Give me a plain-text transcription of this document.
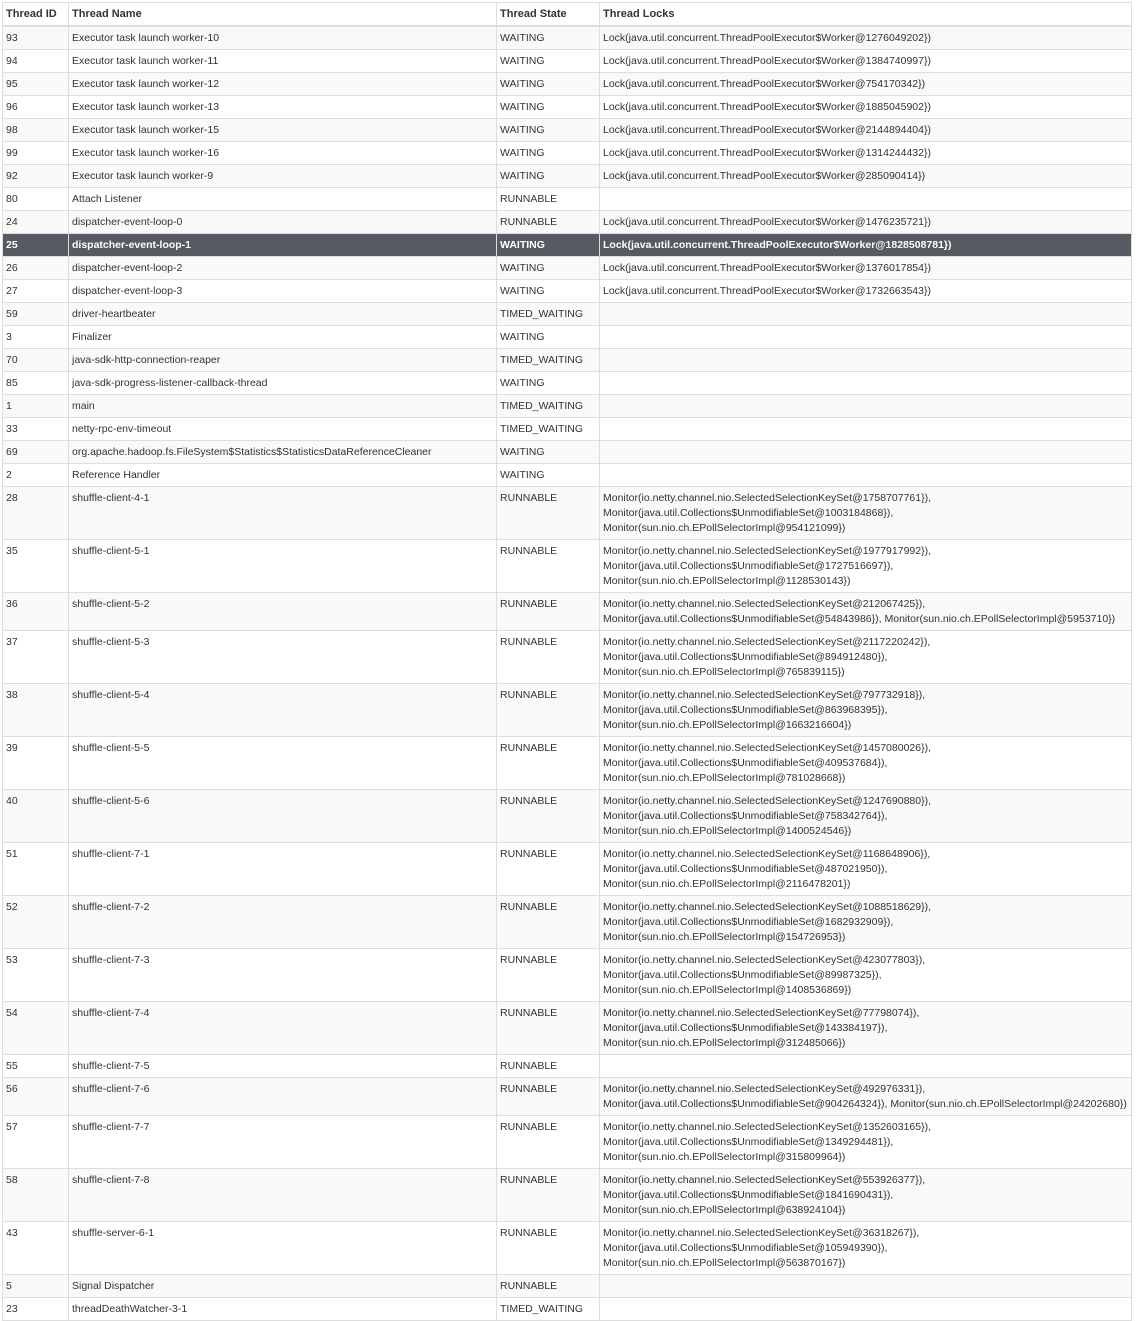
Thread ID	Thread Name	Thread State	Thread Locks
93	Executor task launch worker-10	WAITING	Lock(java.util.concurrent.ThreadPoolExecutor$Worker@1276049202})

94	Executor task launch worker-11	WAITING	Lock(java.util.concurrent.ThreadPoolExecutor$Worker@1384740997})

95	Executor task launch worker-12	WAITING	Lock(java.util.concurrent.ThreadPoolExecutor$Worker@754170342})

96	Executor task launch worker-13	WAITING	Lock(java.util.concurrent.ThreadPoolExecutor$Worker@1885045902})

98	Executor task launch worker-15	WAITING	Lock(java.util.concurrent.ThreadPoolExecutor$Worker@2144894404})

99	Executor task launch worker-16	WAITING	Lock(java.util.concurrent.ThreadPoolExecutor$Worker@1314244432})

92	Executor task launch worker-9	WAITING	Lock(java.util.concurrent.ThreadPoolExecutor$Worker@285090414})

80	Attach Listener	RUNNABLE	
24	dispatcher-event-loop-0	RUNNABLE	Lock(java.util.concurrent.ThreadPoolExecutor$Worker@1476235721})

25	dispatcher-event-loop-1	WAITING	Lock(java.util.concurrent.ThreadPoolExecutor$Worker@1828508781})

26	dispatcher-event-loop-2	WAITING	Lock(java.util.concurrent.ThreadPoolExecutor$Worker@1376017854})

27	dispatcher-event-loop-3	WAITING	Lock(java.util.concurrent.ThreadPoolExecutor$Worker@1732663543})

59	driver-heartbeater	TIMED_WAITING	
3	Finalizer	WAITING	
70	java-sdk-http-connection-reaper	TIMED_WAITING	
85	java-sdk-progress-listener-callback-thread	WAITING	
1	main	TIMED_WAITING	
33	netty-rpc-env-timeout	TIMED_WAITING	
69	org.apache.hadoop.fs.FileSystem$Statistics$StatisticsDataReferenceCleaner	WAITING	
2	Reference Handler	WAITING	
28	shuffle-client-4-1	RUNNABLE	Monitor(io.netty.channel.nio.SelectedSelectionKeySet@1758707761}),
Monitor(java.util.Collections$UnmodifiableSet@1003184868}),
Monitor(sun.nio.ch.EPollSelectorImpl@954121099})

35	shuffle-client-5-1	RUNNABLE	Monitor(io.netty.channel.nio.SelectedSelectionKeySet@1977917992}),
Monitor(java.util.Collections$UnmodifiableSet@1727516697}),
Monitor(sun.nio.ch.EPollSelectorImpl@1128530143})

36	shuffle-client-5-2	RUNNABLE	Monitor(io.netty.channel.nio.SelectedSelectionKeySet@212067425}),
Monitor(java.util.Collections$UnmodifiableSet@54843986}), Monitor(sun.nio.ch.EPollSelectorImpl@5953710})

37	shuffle-client-5-3	RUNNABLE	Monitor(io.netty.channel.nio.SelectedSelectionKeySet@2117220242}),
Monitor(java.util.Collections$UnmodifiableSet@894912480}),
Monitor(sun.nio.ch.EPollSelectorImpl@765839115})

38	shuffle-client-5-4	RUNNABLE	Monitor(io.netty.channel.nio.SelectedSelectionKeySet@797732918}),
Monitor(java.util.Collections$UnmodifiableSet@863968395}),
Monitor(sun.nio.ch.EPollSelectorImpl@1663216604})

39	shuffle-client-5-5	RUNNABLE	Monitor(io.netty.channel.nio.SelectedSelectionKeySet@1457080026}),
Monitor(java.util.Collections$UnmodifiableSet@409537684}),
Monitor(sun.nio.ch.EPollSelectorImpl@781028668})

40	shuffle-client-5-6	RUNNABLE	Monitor(io.netty.channel.nio.SelectedSelectionKeySet@1247690880}),
Monitor(java.util.Collections$UnmodifiableSet@758342764}),
Monitor(sun.nio.ch.EPollSelectorImpl@1400524546})

51	shuffle-client-7-1	RUNNABLE	Monitor(io.netty.channel.nio.SelectedSelectionKeySet@1168648906}),
Monitor(java.util.Collections$UnmodifiableSet@487021950}),
Monitor(sun.nio.ch.EPollSelectorImpl@2116478201})

52	shuffle-client-7-2	RUNNABLE	Monitor(io.netty.channel.nio.SelectedSelectionKeySet@1088518629}),
Monitor(java.util.Collections$UnmodifiableSet@1682932909}),
Monitor(sun.nio.ch.EPollSelectorImpl@154726953})

53	shuffle-client-7-3	RUNNABLE	Monitor(io.netty.channel.nio.SelectedSelectionKeySet@423077803}),
Monitor(java.util.Collections$UnmodifiableSet@89987325}),
Monitor(sun.nio.ch.EPollSelectorImpl@1408536869})

54	shuffle-client-7-4	RUNNABLE	Monitor(io.netty.channel.nio.SelectedSelectionKeySet@77798074}),
Monitor(java.util.Collections$UnmodifiableSet@143384197}),
Monitor(sun.nio.ch.EPollSelectorImpl@312485066})

55	shuffle-client-7-5	RUNNABLE	
56	shuffle-client-7-6	RUNNABLE	Monitor(io.netty.channel.nio.SelectedSelectionKeySet@492976331}),
Monitor(java.util.Collections$UnmodifiableSet@904264324}), Monitor(sun.nio.ch.EPollSelectorImpl@24202680})

57	shuffle-client-7-7	RUNNABLE	Monitor(io.netty.channel.nio.SelectedSelectionKeySet@1352603165}),
Monitor(java.util.Collections$UnmodifiableSet@1349294481}),
Monitor(sun.nio.ch.EPollSelectorImpl@315809964})

58	shuffle-client-7-8	RUNNABLE	Monitor(io.netty.channel.nio.SelectedSelectionKeySet@553926377}),
Monitor(java.util.Collections$UnmodifiableSet@1841690431}),
Monitor(sun.nio.ch.EPollSelectorImpl@638924104})

43	shuffle-server-6-1	RUNNABLE	Monitor(io.netty.channel.nio.SelectedSelectionKeySet@36318267}),
Monitor(java.util.Collections$UnmodifiableSet@105949390}),
Monitor(sun.nio.ch.EPollSelectorImpl@563870167})

5	Signal Dispatcher	RUNNABLE	
23	threadDeathWatcher-3-1	TIMED_WAITING	
